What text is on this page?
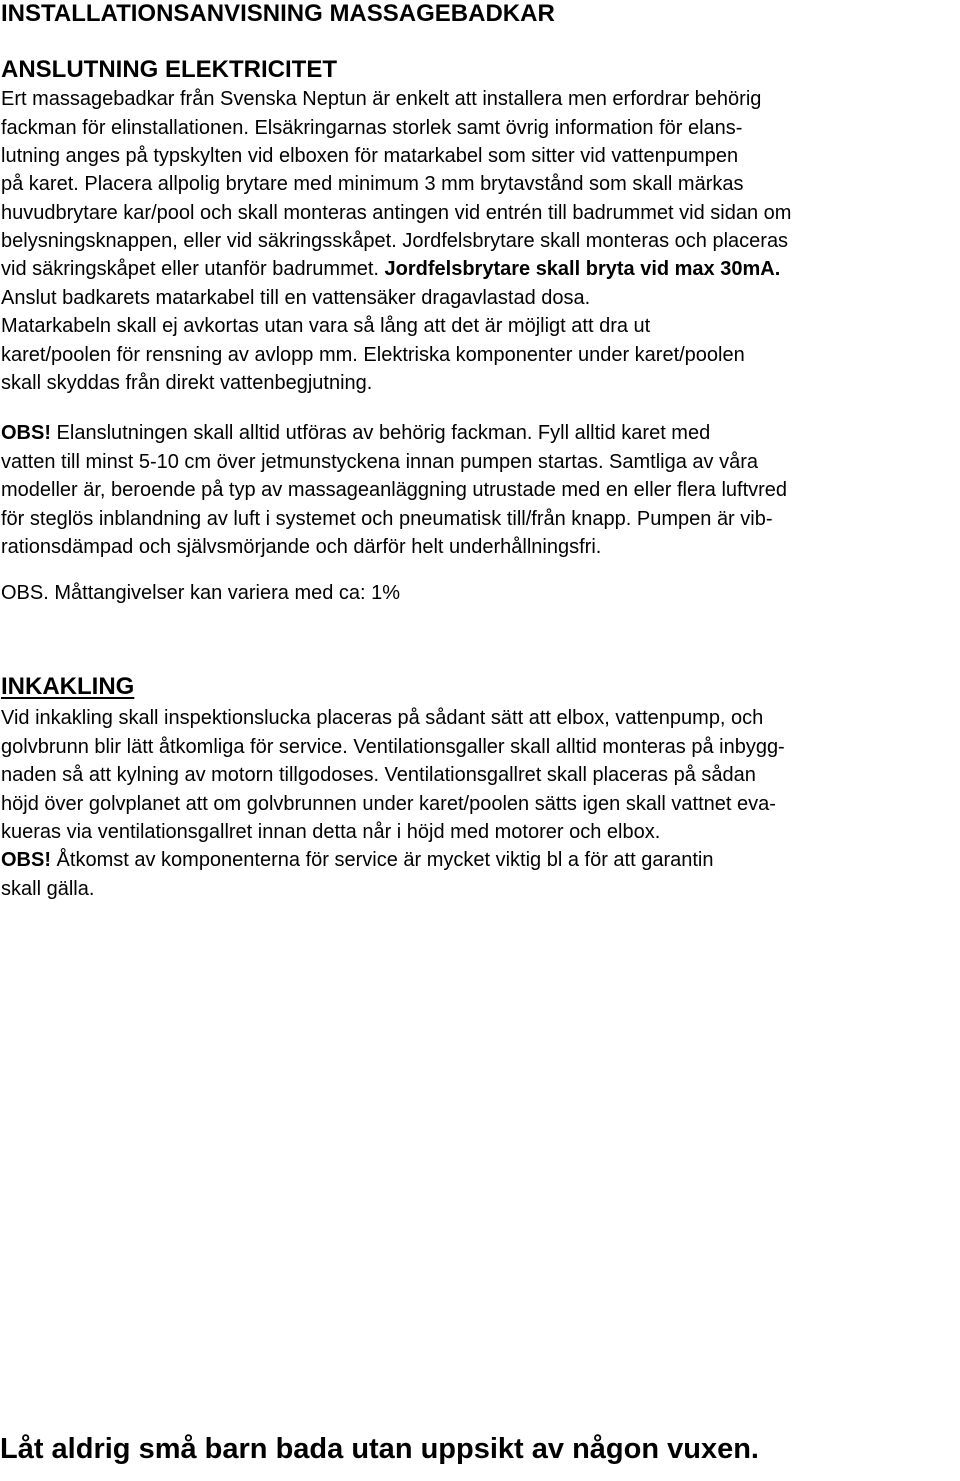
INSTALLATIONSANVISNING MASSAGEBADKAR

ANSLUTNING ELEKTRICITET

Ert massagebadkar från Svenska Neptun är enkelt att installera men erfordrar behörig

fackman för elinstallationen. Elsäkringarnas storlek samt övrig information för elans-

lutning anges på typskylten vid elboxen för matarkabel som sitter vid vattenpumpen

på karet. Placera allpolig brytare med minimum 3 mm brytavstånd som skall märkas

huvudbrytare kar/pool och skall monteras antingen vid entrén till badrummet vid sidan om

belysningsknappen, eller vid säkringsskåpet. Jordfelsbrytare skall monteras och placeras

vid säkringskåpet eller utanför badrummet. Jordfelsbrytare skall bryta vid max 30mA.

Anslut badkarets matarkabel till en vattensäker dragavlastad dosa.

Matarkabeln skall ej avkortas utan vara så lång att det är möjligt att dra ut

karet/poolen för rensning av avlopp mm. Elektriska komponenter under karet/poolen

skall skyddas från direkt vattenbegjutning.

OBS! Elanslutningen skall alltid utföras av behörig fackman. Fyll alltid karet med

vatten till minst 5-10 cm över jetmunstyckena innan pumpen startas. Samtliga av våra

modeller är, beroende på typ av massageanläggning utrustade med en eller flera luftvred

för steglös inblandning av luft i systemet och pneumatisk till/från knapp. Pumpen är vib-

rationsdämpad och självsmörjande och därför helt underhållningsfri.

OBS. Måttangivelser kan variera med ca: 1%

INKAKLING

Vid inkakling skall inspektionslucka placeras på sådant sätt att elbox, vattenpump, och

golvbrunn blir lätt åtkomliga för service. Ventilationsgaller skall alltid monteras på inbygg-

naden så att kylning av motorn tillgodoses. Ventilationsgallret skall placeras på sådan

höjd över golvplanet att om golvbrunnen under karet/poolen sätts igen skall vattnet eva-

kueras via ventilationsgallret innan detta når i höjd med motorer och elbox.

OBS! Åtkomst av komponenterna för service är mycket viktig bl a för att garantin

skall gälla.

Låt aldrig små barn bada utan uppsikt av någon vuxen.
